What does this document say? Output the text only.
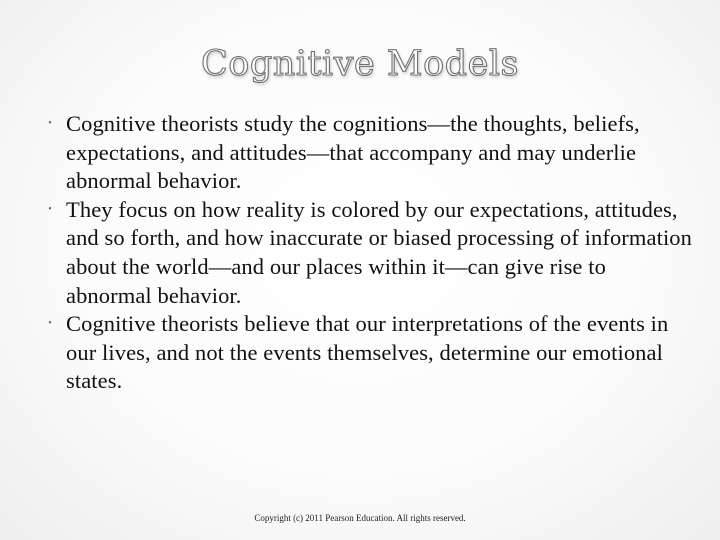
Cognitive Models
• Cognitive theorists study the cognitions—the thoughts, beliefs, expectations, and attitudes—that accompany and may underlie abnormal behavior.
• They focus on how reality is colored by our expectations, attitudes, and so forth, and how inaccurate or biased processing of information about the world—and our places within it—can give rise to abnormal behavior.
• Cognitive theorists believe that our interpretations of the events in our lives, and not the events themselves, determine our emotional states.
Copyright (c) 2011 Pearson Education. All rights reserved.
